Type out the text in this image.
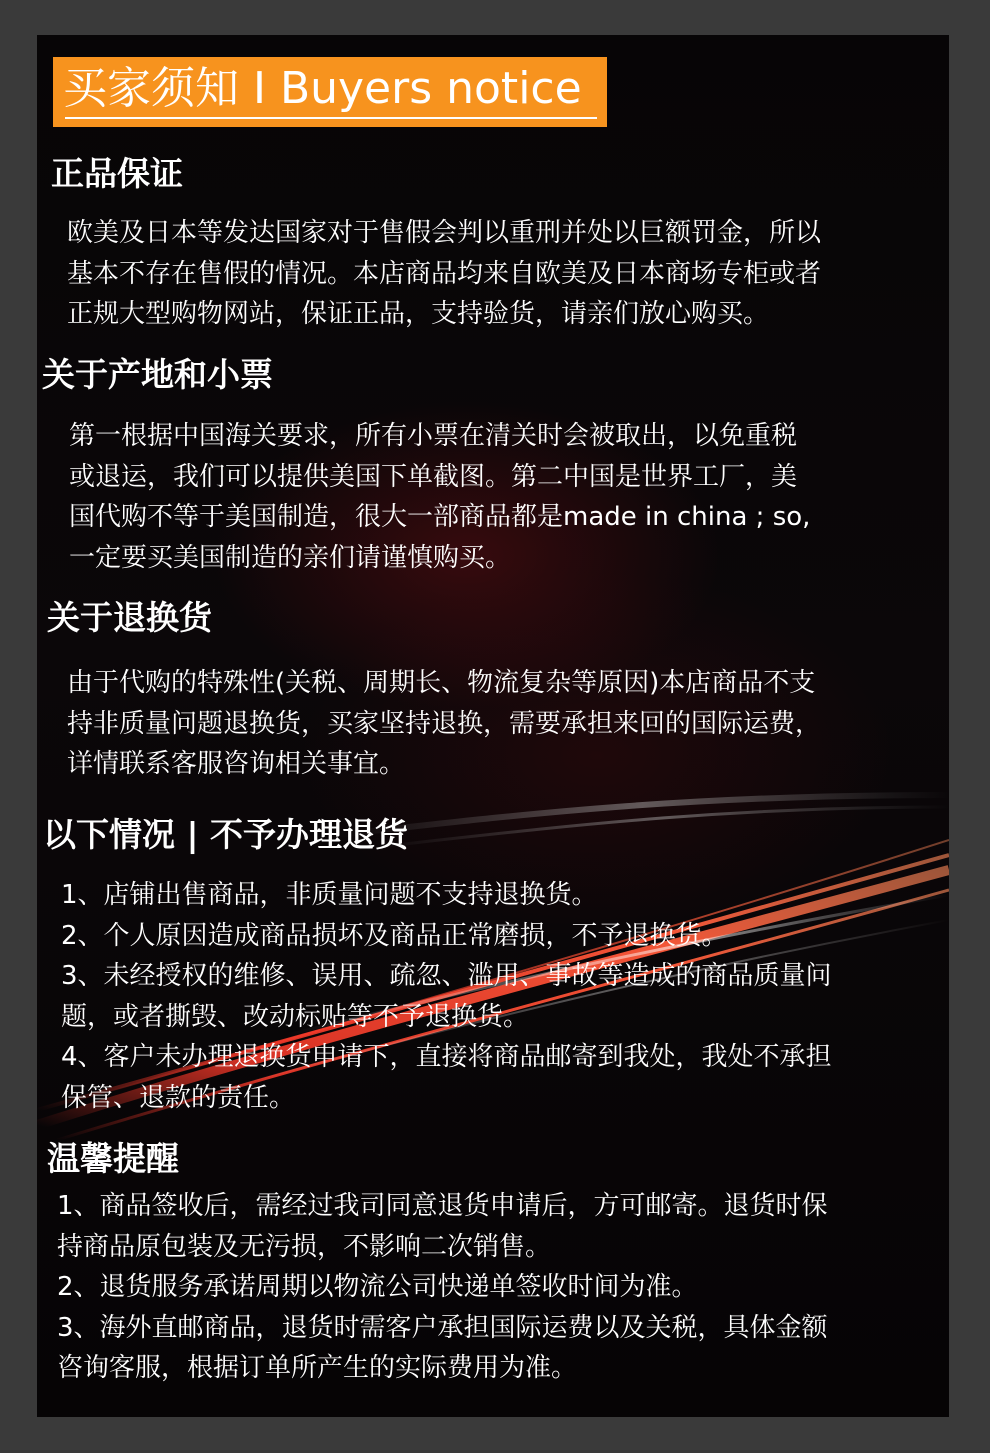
买家须知 I Buyers notice
正品保证
欧美及日本等发达国家对于售假会判以重刑并处以巨额罚金，所以
基本不存在售假的情况。本店商品均来自欧美及日本商场专柜或者
正规大型购物网站，保证正品，支持验货，请亲们放心购买。
关于产地和小票
第一根据中国海关要求，所有小票在清关时会被取出，以免重税
或退运，我们可以提供美国下单截图。第二中国是世界工厂，美
国代购不等于美国制造，很大一部商品都是made in china ; so,
一定要买美国制造的亲们请谨慎购买。
关于退换货
由于代购的特殊性(关税、周期长、物流复杂等原因)本店商品不支
持非质量问题退换货，买家坚持退换，需要承担来回的国际运费，
详情联系客服咨询相关事宜。
以下情况 | 不予办理退货
1、店铺出售商品，非质量问题不支持退换货。
2、个人原因造成商品损坏及商品正常磨损，不予退换货。
3、未经授权的维修、误用、疏忽、滥用、事故等造成的商品质量问
题，或者撕毁、改动标贴等不予退换货。
4、客户未办理退换货申请下，直接将商品邮寄到我处，我处不承担
保管、退款的责任。
温馨提醒
1、商品签收后，需经过我司同意退货申请后，方可邮寄。退货时保
持商品原包装及无污损，不影响二次销售。
2、退货服务承诺周期以物流公司快递单签收时间为准。
3、海外直邮商品，退货时需客户承担国际运费以及关税，具体金额
咨询客服，根据订单所产生的实际费用为准。
